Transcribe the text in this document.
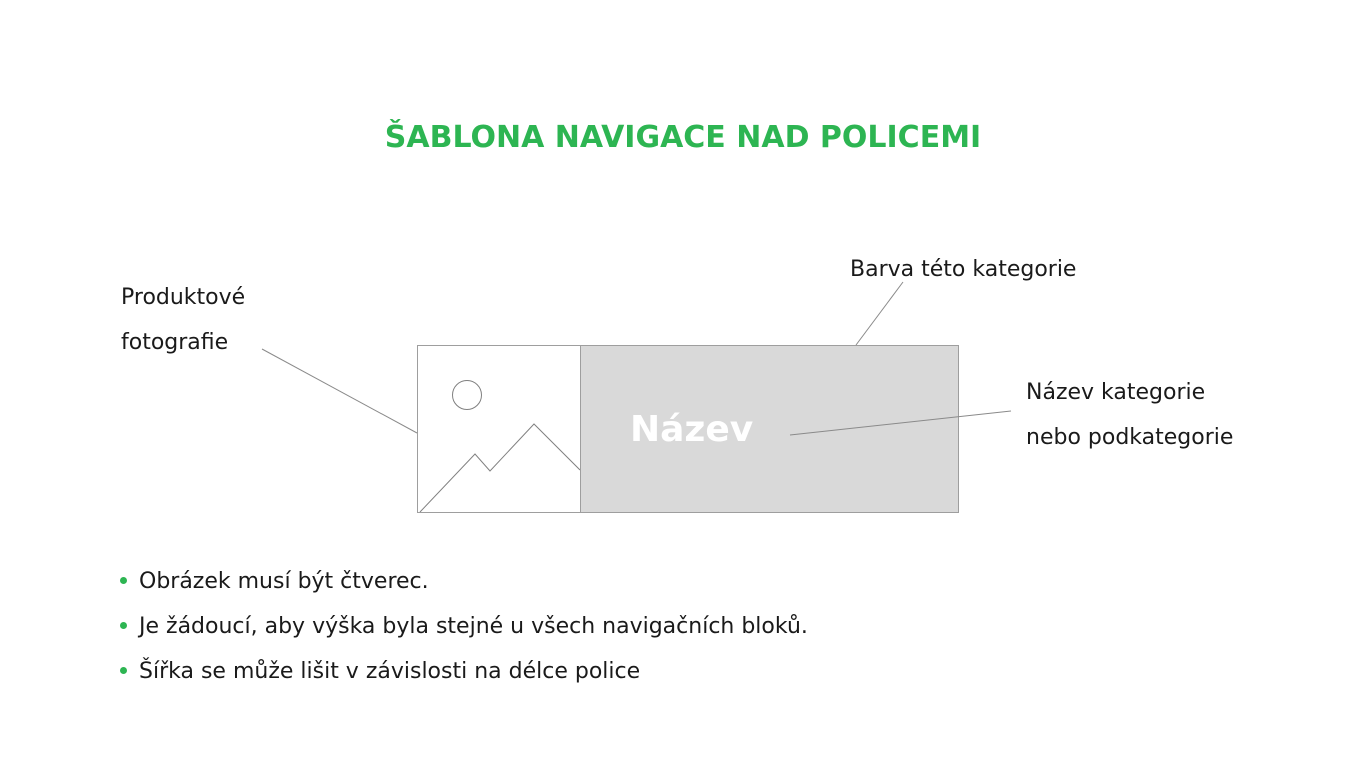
ŠABLONA NAVIGACE NAD POLICEMI
Produktové
fotografie
Barva této kategorie
Název kategorie
nebo podkategorie
Název
Obrázek musí být čtverec.
Je žádoucí, aby výška byla stejné u všech navigačních bloků.
Šířka se může lišit v závislosti na délce police
